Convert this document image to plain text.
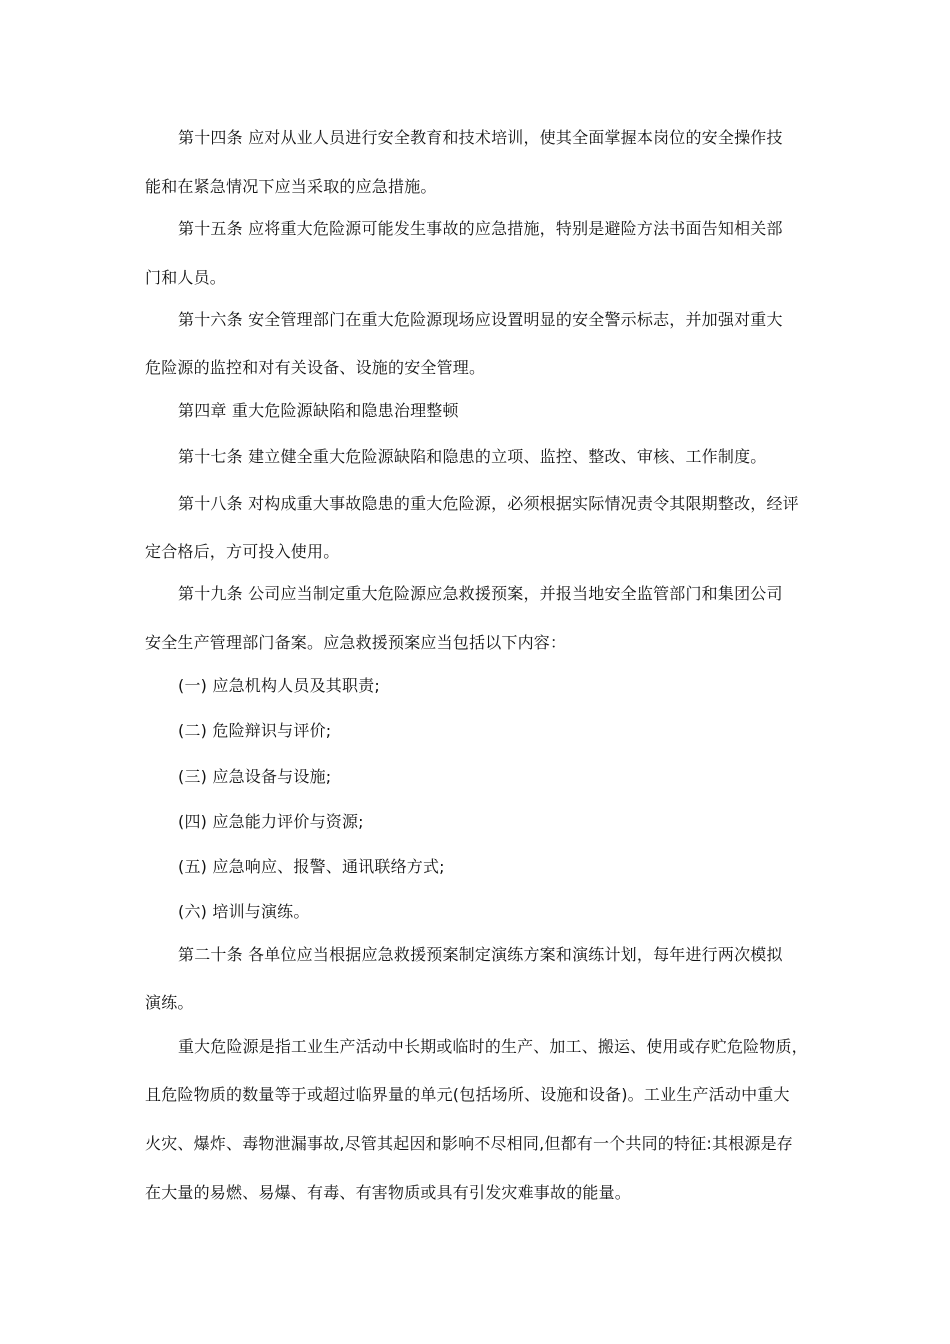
第十四条 应对从业人员进行安全教育和技术培训，使其全面掌握本岗位的安全操作技
能和在紧急情况下应当采取的应急措施。
第十五条 应将重大危险源可能发生事故的应急措施，特别是避险方法书面告知相关部
门和人员。
第十六条 安全管理部门在重大危险源现场应设置明显的安全警示标志，并加强对重大
危险源的监控和对有关设备、设施的安全管理。
第四章 重大危险源缺陷和隐患治理整顿
第十七条 建立健全重大危险源缺陷和隐患的立项、监控、整改、审核、工作制度。
第十八条 对构成重大事故隐患的重大危险源，必须根据实际情况责令其限期整改，经评
定合格后，方可投入使用。
第十九条 公司应当制定重大危险源应急救援预案，并报当地安全监管部门和集团公司
安全生产管理部门备案。应急救援预案应当包括以下内容：
(一) 应急机构人员及其职责;
(二) 危险辩识与评价;
(三) 应急设备与设施;
(四) 应急能力评价与资源;
(五) 应急响应、报警、通讯联络方式;
(六) 培训与演练。
第二十条 各单位应当根据应急救援预案制定演练方案和演练计划，每年进行两次模拟
演练。
重大危险源是指工业生产活动中长期或临时的生产、加工、搬运、使用或存贮危险物质，
且危险物质的数量等于或超过临界量的单元(包括场所、设施和设备)。工业生产活动中重大
火灾、爆炸、毒物泄漏事故,尽管其起因和影响不尽相同,但都有一个共同的特征:其根源是存
在大量的易燃、易爆、有毒、有害物质或具有引发灾难事故的能量。
